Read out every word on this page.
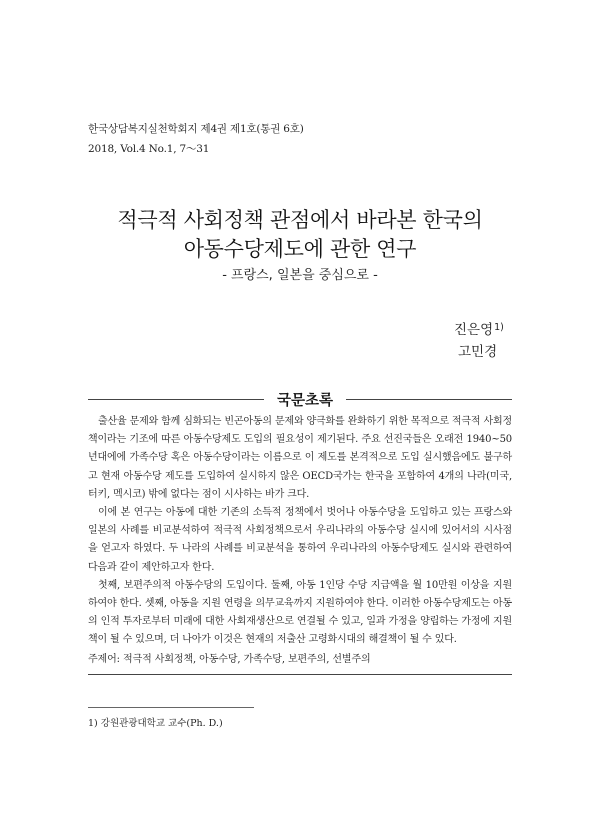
한국상담복지실천학회지 제4권 제1호(통권 6호)
2018, Vol.4 No.1, 7～31
적극적 사회정책 관점에서 바라본 한국의
아동수당제도에 관한 연구
- 프랑스, 일본을 중심으로 -
진은영$^{1)}$
고민경
국문초록

출산율 문제와 함께 심화되는 빈곤아동의 문제와 양극화를 완화하기 위한 목적으로 적극적 사회정책이라는 기조에 따른 아동수당제도 도입의 필요성이 제기된다. 주요 선진국들은 오래전 1940~50년대에에 가족수당 혹은 아동수당이라는 이름으로 이 제도를 본격적으로 도입 실시했음에도 불구하고 현재 아동수당 제도를 도입하여 실시하지 않은 OECD국가는 한국을 포함하여 4개의 나라(미국, 터키, 멕시코) 밖에 없다는 점이 시사하는 바가 크다.

이에 본 연구는 아동에 대한 기존의 소득적 정책에서 벗어나 아동수당을 도입하고 있는 프랑스와 일본의 사례를 비교분석하여 적극적 사회정책으로서 우리나라의 아동수당 실시에 있어서의 시사점을 얻고자 하였다. 두 나라의 사례를 비교분석을 통하여 우리나라의 아동수당제도 실시와 관련하여 다음과 같이 제안하고자 한다.

첫째, 보편주의적 아동수당의 도입이다. 둘째, 아동 1인당 수당 지급액을 월 10만원 이상을 지원하여야 한다. 셋째, 아동을 지원 연령을 의무교육까지 지원하여야 한다. 이러한 아동수당제도는 아동의 인적 투자로부터 미래에 대한 사회재생산으로 연결될 수 있고, 일과 가정을 양립하는 가정에 지원책이 될 수 있으며, 더 나아가 이것은 현재의 저출산 고령화시대의 해결책이 될 수 있다.

주제어: 적극적 사회정책, 아동수당, 가족수당, 보편주의, 선별주의
1) 강원관광대학교 교수(Ph. D.)
